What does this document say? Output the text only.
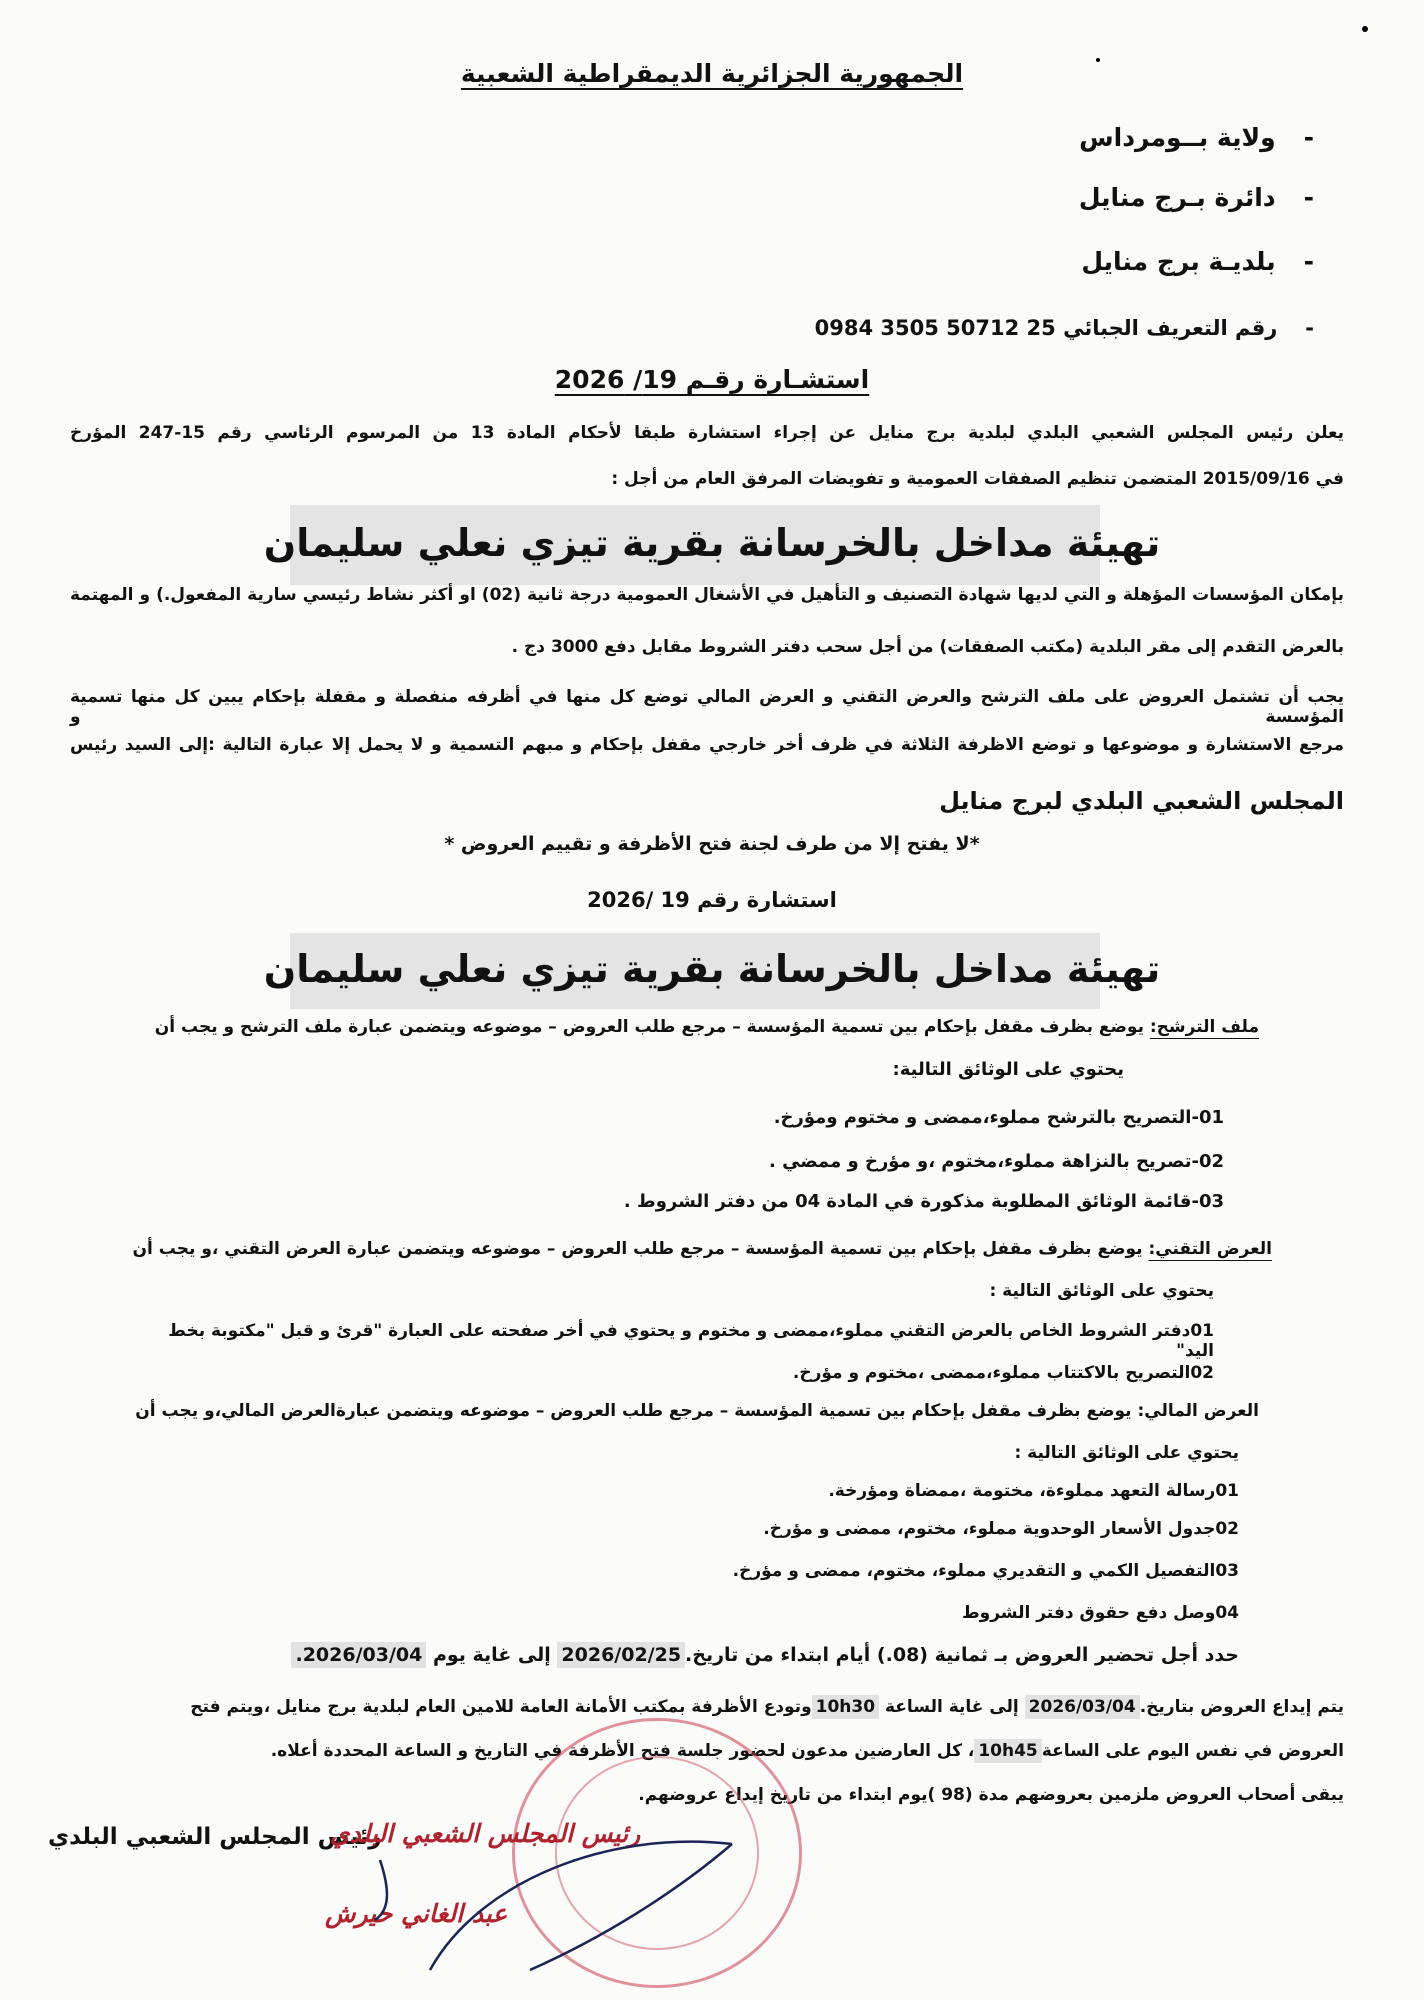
الجمهورية الجزائرية الديمقراطية الشعبية
-ولاية بــومرداس
-دائرة بـرج منايل
-بلديـة برج منايل
-رقم التعريف الجبائي 25 50712 3505 0984
استشـارة رقـم 19/ 2026
يعلن رئيس المجلس الشعبي البلدي لبلدية برج منايل عن إجراء استشارة طبقا لأحكام المادة 13 من المرسوم الرئاسي رقم 15-247 المؤرخ
في 2015/09/16 المتضمن تنظيم الصفقات العمومية و تفويضات المرفق العام من أجل :
تهيئة مداخل بالخرسانة بقرية تيزي نعلي سليمان
بإمكان المؤسسات المؤهلة و التي لديها شهادة التصنيف و التأهيل في الأشغال العمومية درجة ثانية (02) او أكثر نشاط رئيسي سارية المفعول.) و المهتمة
بالعرض التقدم إلى مقر البلدية (مكتب الصفقات) من أجل سحب دفتر الشروط مقابل دفع 3000 دج .
يجب أن تشتمل العروض على ملف الترشح والعرض التقني و العرض المالي توضع كل منها في أظرفه منفصلة و مقفلة بإحكام يبين كل منها تسمية المؤسسة و
مرجع الاستشارة و موضوعها و توضع الاظرفة الثلاثة في ظرف أخر خارجي مقفل بإحكام و مبهم التسمية و لا يحمل إلا عبارة التالية :إلى السيد رئيس
المجلس الشعبي البلدي لبرج منايل
*لا يفتح إلا من طرف لجنة فتح الأظرفة و تقييم العروض *
استشارة رقم 19 /2026
تهيئة مداخل بالخرسانة بقرية تيزي نعلي سليمان
ملف الترشح: يوضع بظرف مقفل بإحكام بين تسمية المؤسسة – مرجع طلب العروض – موضوعه ويتضمن عبارة ملف الترشح و يجب أن
يحتوي على الوثائق التالية:
01-التصريح بالترشح مملوء،ممضى و مختوم ومؤرخ.
02-تصريح بالنزاهة مملوء،مختوم ،و مؤرخ و ممضي .
03-قائمة الوثائق المطلوبة مذكورة في المادة 04 من دفتر الشروط .
العرض التقني: يوضع بظرف مقفل بإحكام بين تسمية المؤسسة – مرجع طلب العروض – موضوعه ويتضمن عبارة العرض التقني ،و يجب أن
يحتوي على الوثائق التالية :
01دفتر الشروط الخاص بالعرض التقني مملوء،ممضى و مختوم و يحتوي في أخر صفحته على العبارة "قرئ و قبل "مكتوبة بخط اليد"
02التصريح بالاكتتاب مملوء،ممضى ،مختوم و مؤرخ.
العرض المالي: يوضع بظرف مقفل بإحكام بين تسمية المؤسسة – مرجع طلب العروض – موضوعه ويتضمن عبارةالعرض المالي،و يجب أن
يحتوي على الوثائق التالية :
01رسالة التعهد مملوءة، مختومة ،ممضاة ومؤرخة.
02جدول الأسعار الوحدوية مملوء، مختوم، ممضى و مؤرخ.
03التفصيل الكمي و التقديري مملوء، مختوم، ممضى و مؤرخ.
04وصل دفع حقوق دفتر الشروط
حدد أجل تحضير العروض بـ ثمانية (08.) أيام ابتداء من تاريخ.2026/02/25 إلى غاية يوم 2026/03/04.
يتم إيداع العروض بتاريخ.2026/03/04 إلى غاية الساعة 10h30وتودع الأظرفة بمكتب الأمانة العامة للامين العام لبلدية برج منايل ،ويتم فتح
العروض في نفس اليوم على الساعة10h45، كل العارضين مدعون لحضور جلسة فتح الأظرفة في التاريخ و الساعة المحددة أعلاه.
يبقى أصحاب العروض ملزمين بعروضهم مدة (98 )يوم ابتداء من تاريخ إيداع عروضهم.
رئيس المجلس الشعبي البلدي
رئيس المجلس الشعبي البلدي
عبد الغاني حيرش
